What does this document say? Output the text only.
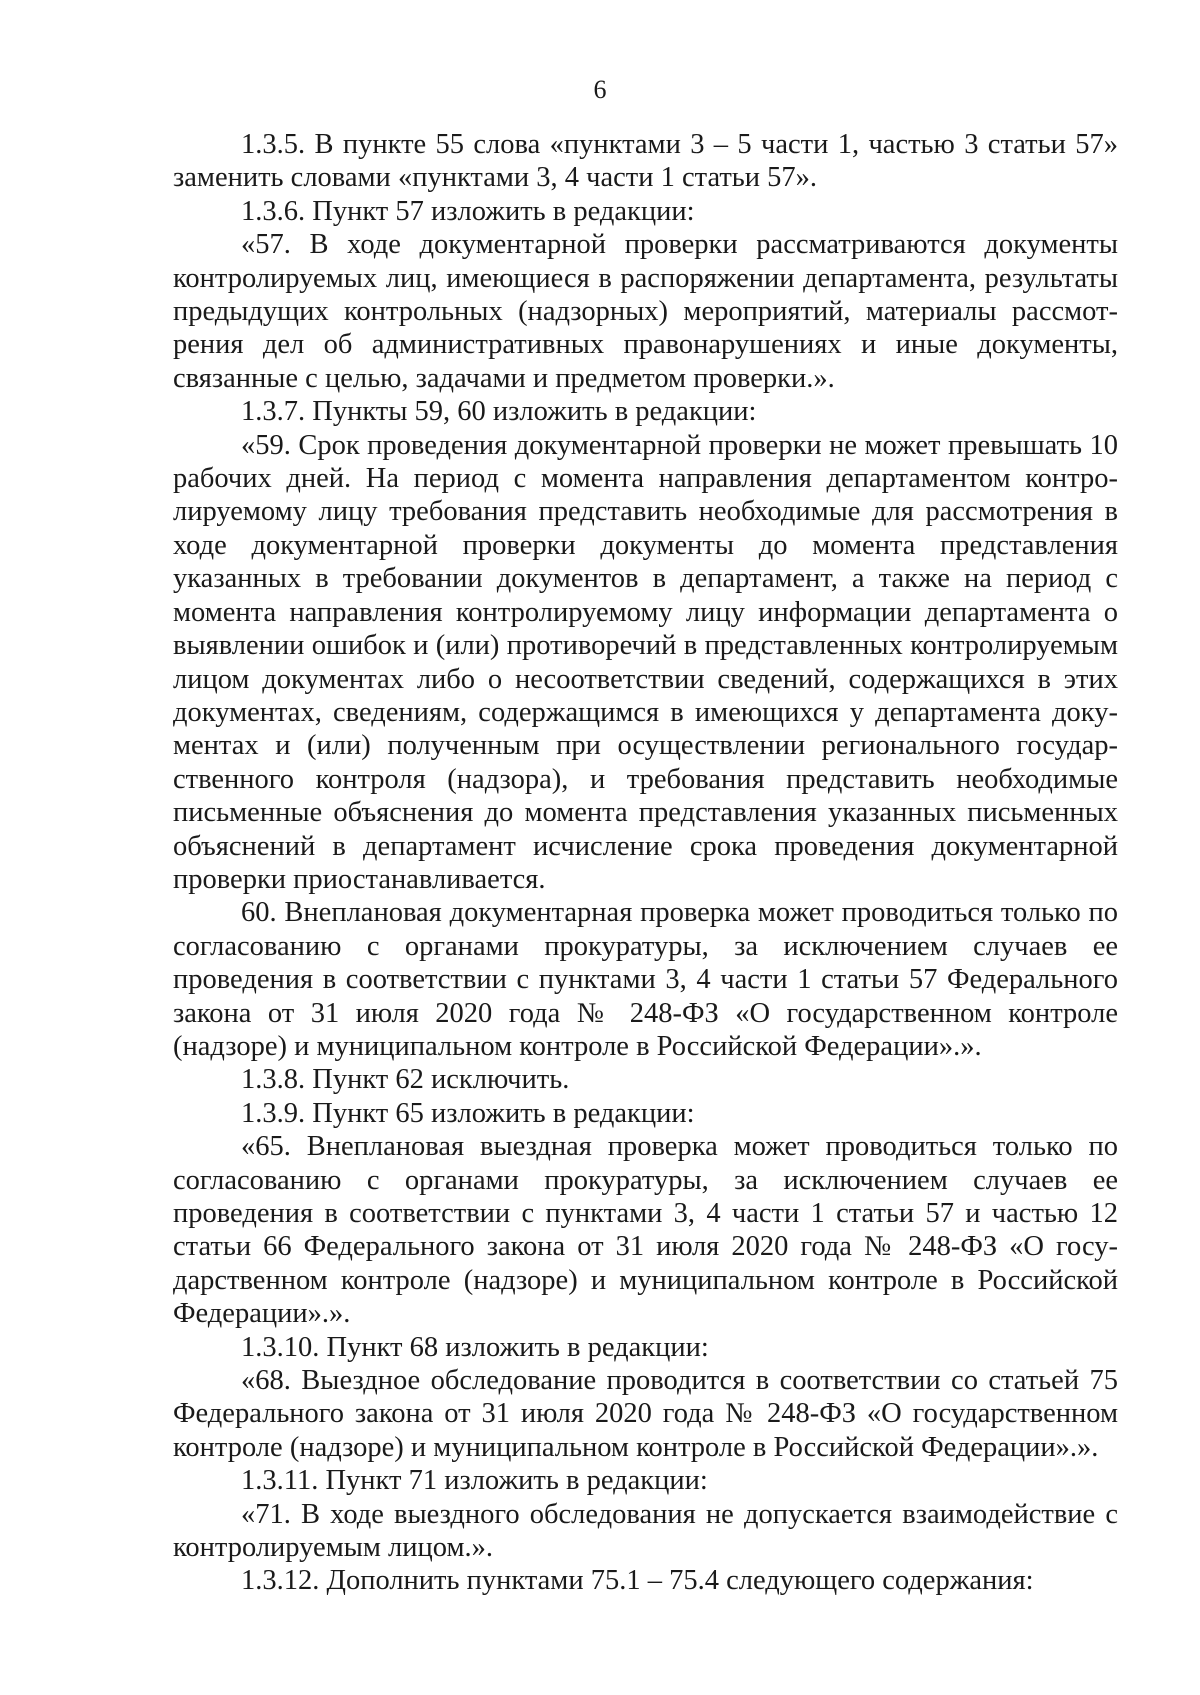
6

1.3.5. В пункте 55 слова «пунктами 3 – 5 части 1, частью 3 статьи 57» заменить словами «пунктами 3, 4 части 1 статьи 57».

1.3.6. Пункт 57 изложить в редакции:

«57. В ходе документарной проверки рассматриваются документы контролируемых лиц, имеющиеся в распоряжении департамента, результаты предыдущих контрольных (надзорных) мероприятий, материалы рассмотрения дел об административных правонарушениях и иные документы, связанные с целью, задачами и предметом проверки.».

1.3.7. Пункты 59, 60 изложить в редакции:

«59. Срок проведения документарной проверки не может превышать 10 рабочих дней. На период с момента направления департаментом контролируемому лицу требования представить необходимые для рассмотрения в ходе документарной проверки документы до момента представления указанных в требовании документов в департамент, а также на период с момента направления контролируемому лицу информации департамента о выявлении ошибок и (или) противоречий в представленных контролируемым лицом документах либо о несоответствии сведений, содержащихся в этих документах, сведениям, содержащимся в имеющихся у департамента документах и (или) полученным при осуществлении регионального государственного контроля (надзора), и требования представить необходимые письменные объяснения до момента представления указанных письменных объяснений в департамент исчисление срока проведения документарной проверки приостанавливается.

60. Внеплановая документарная проверка может проводиться только по согласованию с органами прокуратуры, за исключением случаев ее проведения в соответствии с пунктами 3, 4 части 1 статьи 57 Федерального закона от 31 июля 2020 года № 248-ФЗ «О государственном контроле (надзоре) и муниципальном контроле в Российской Федерации».».

1.3.8. Пункт 62 исключить.

1.3.9. Пункт 65 изложить в редакции:

«65. Внеплановая выездная проверка может проводиться только по согласованию с органами прокуратуры, за исключением случаев ее проведения в соответствии с пунктами 3, 4 части 1 статьи 57 и частью 12 статьи 66 Федерального закона от 31 июля 2020 года № 248-ФЗ «О государственном контроле (надзоре) и муниципальном контроле в Российской Федерации».».

1.3.10. Пункт 68 изложить в редакции:

«68. Выездное обследование проводится в соответствии со статьей 75 Федерального закона от 31 июля 2020 года № 248-ФЗ «О государственном контроле (надзоре) и муниципальном контроле в Российской Федерации».».

1.3.11. Пункт 71 изложить в редакции:

«71. В ходе выездного обследования не допускается взаимодействие с контролируемым лицом.».

1.3.12. Дополнить пунктами 75.1 – 75.4 следующего содержания:
